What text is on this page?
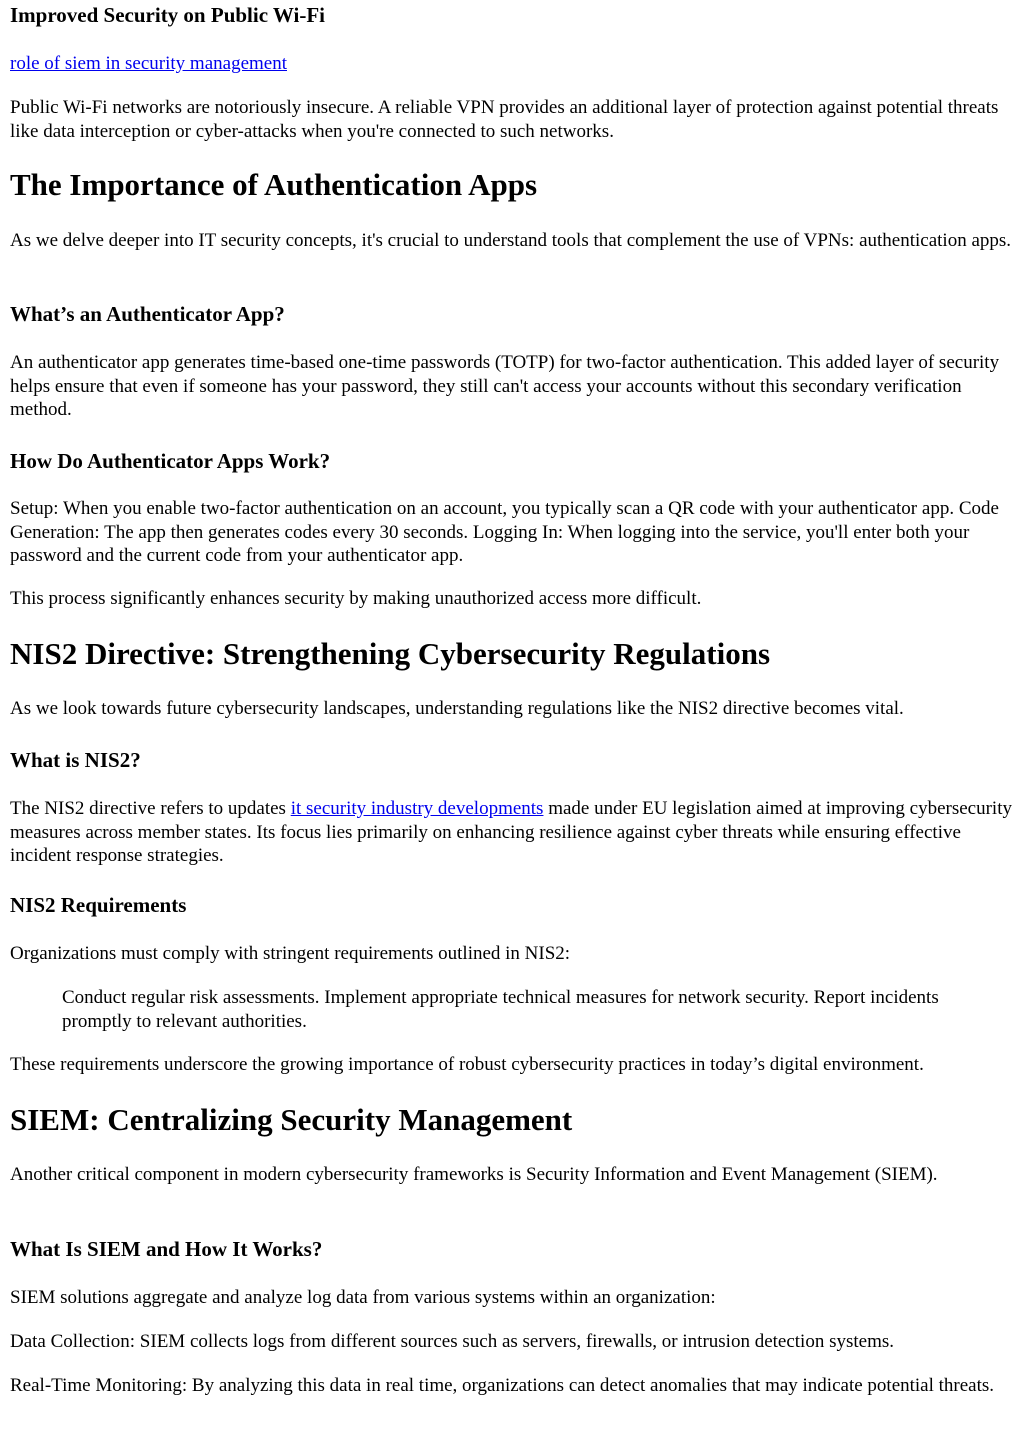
Improved Security on Public Wi-Fi

role of siem in security management

Public Wi-Fi networks are notoriously insecure. A reliable VPN provides an additional layer of protection against potential threats like data interception or cyber-attacks when you're connected to such networks.

The Importance of Authentication Apps

As we delve deeper into IT security concepts, it's crucial to understand tools that complement the use of VPNs: authentication apps.

What’s an Authenticator App?

An authenticator app generates time-based one-time passwords (TOTP) for two-factor authentication. This added layer of security helps ensure that even if someone has your password, they still can't access your accounts without this secondary verification method.

How Do Authenticator Apps Work?

Setup: When you enable two-factor authentication on an account, you typically scan a QR code with your authenticator app. Code Generation: The app then generates codes every 30 seconds. Logging In: When logging into the service, you'll enter both your password and the current code from your authenticator app.

This process significantly enhances security by making unauthorized access more difficult.

NIS2 Directive: Strengthening Cybersecurity Regulations

As we look towards future cybersecurity landscapes, understanding regulations like the NIS2 directive becomes vital.

What is NIS2?

The NIS2 directive refers to updates it security industry developments made under EU legislation aimed at improving cybersecurity measures across member states. Its focus lies primarily on enhancing resilience against cyber threats while ensuring effective incident response strategies.

NIS2 Requirements

Organizations must comply with stringent requirements outlined in NIS2:

Conduct regular risk assessments. Implement appropriate technical measures for network security. Report incidents promptly to relevant authorities.

These requirements underscore the growing importance of robust cybersecurity practices in today’s digital environment.

SIEM: Centralizing Security Management

Another critical component in modern cybersecurity frameworks is Security Information and Event Management (SIEM).

What Is SIEM and How It Works?

SIEM solutions aggregate and analyze log data from various systems within an organization:

Data Collection: SIEM collects logs from different sources such as servers, firewalls, or intrusion detection systems.

Real-Time Monitoring: By analyzing this data in real time, organizations can detect anomalies that may indicate potential threats.
